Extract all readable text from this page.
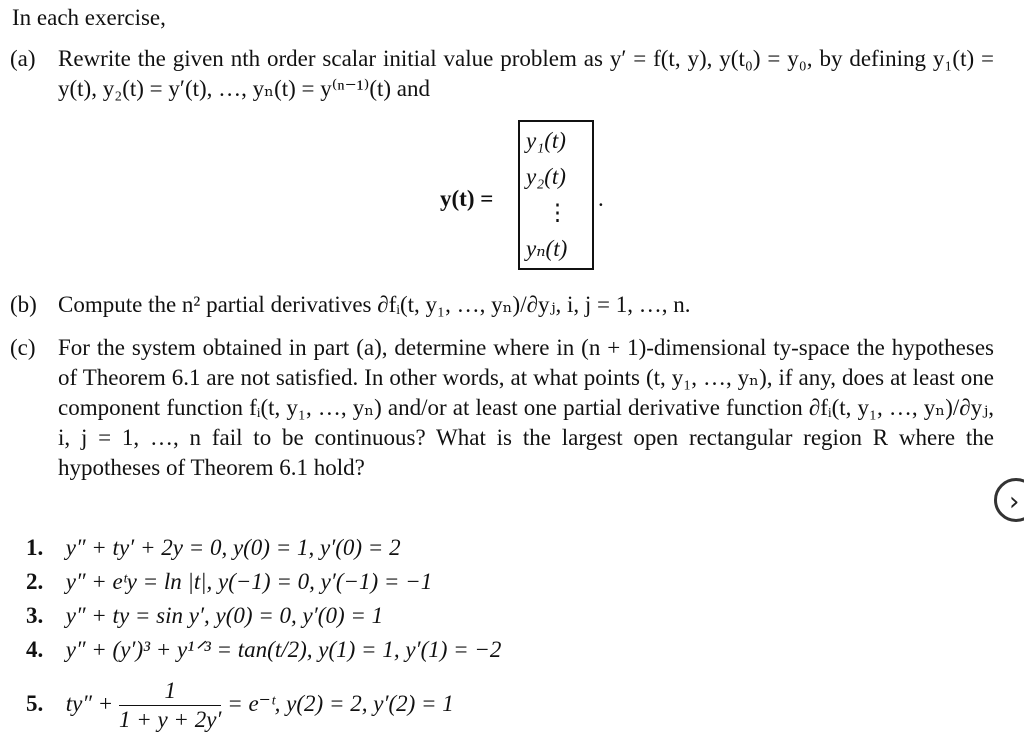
In each exercise,
(a) Rewrite the given nth order scalar initial value problem as y′ = f(t, y), y(t₀) = y₀, by defining y₁(t) = y(t), y₂(t) = y′(t), …, yₙ(t) = y⁽ⁿ⁻¹⁾(t) and
y(t) =
y₁(t)
y₂(t)
⋮
yₙ(t)
.
(b) Compute the n² partial derivatives ∂fᵢ(t, y₁, …, yₙ)/∂yⱼ, i, j = 1, …, n.
(c) For the system obtained in part (a), determine where in (n + 1)-dimensional ty-space the hypotheses of Theorem 6.1 are not satisfied. In other words, at what points (t, y₁, …, yₙ), if any, does at least one component function fᵢ(t, y₁, …, yₙ) and/or at least one partial derivative function ∂fᵢ(t, y₁, …, yₙ)/∂yⱼ, i, j = 1, …, n fail to be continuous? What is the largest open rectangular region R where the hypotheses of Theorem 6.1 hold?
1. y″ + ty′ + 2y = 0, y(0) = 1, y′(0) = 2
2. y″ + eᵗy = ln |t|, y(−1) = 0, y′(−1) = −1
3. y″ + ty = sin y′, y(0) = 0, y′(0) = 1
4. y″ + (y′)³ + y¹ᐟ³ = tan(t/2), y(1) = 1, y′(1) = −2
5. $ty'' + \frac{1}{1 + y + 2y'}$ = e⁻ᵗ, y(2) = 2, y′(2) = 1
›
